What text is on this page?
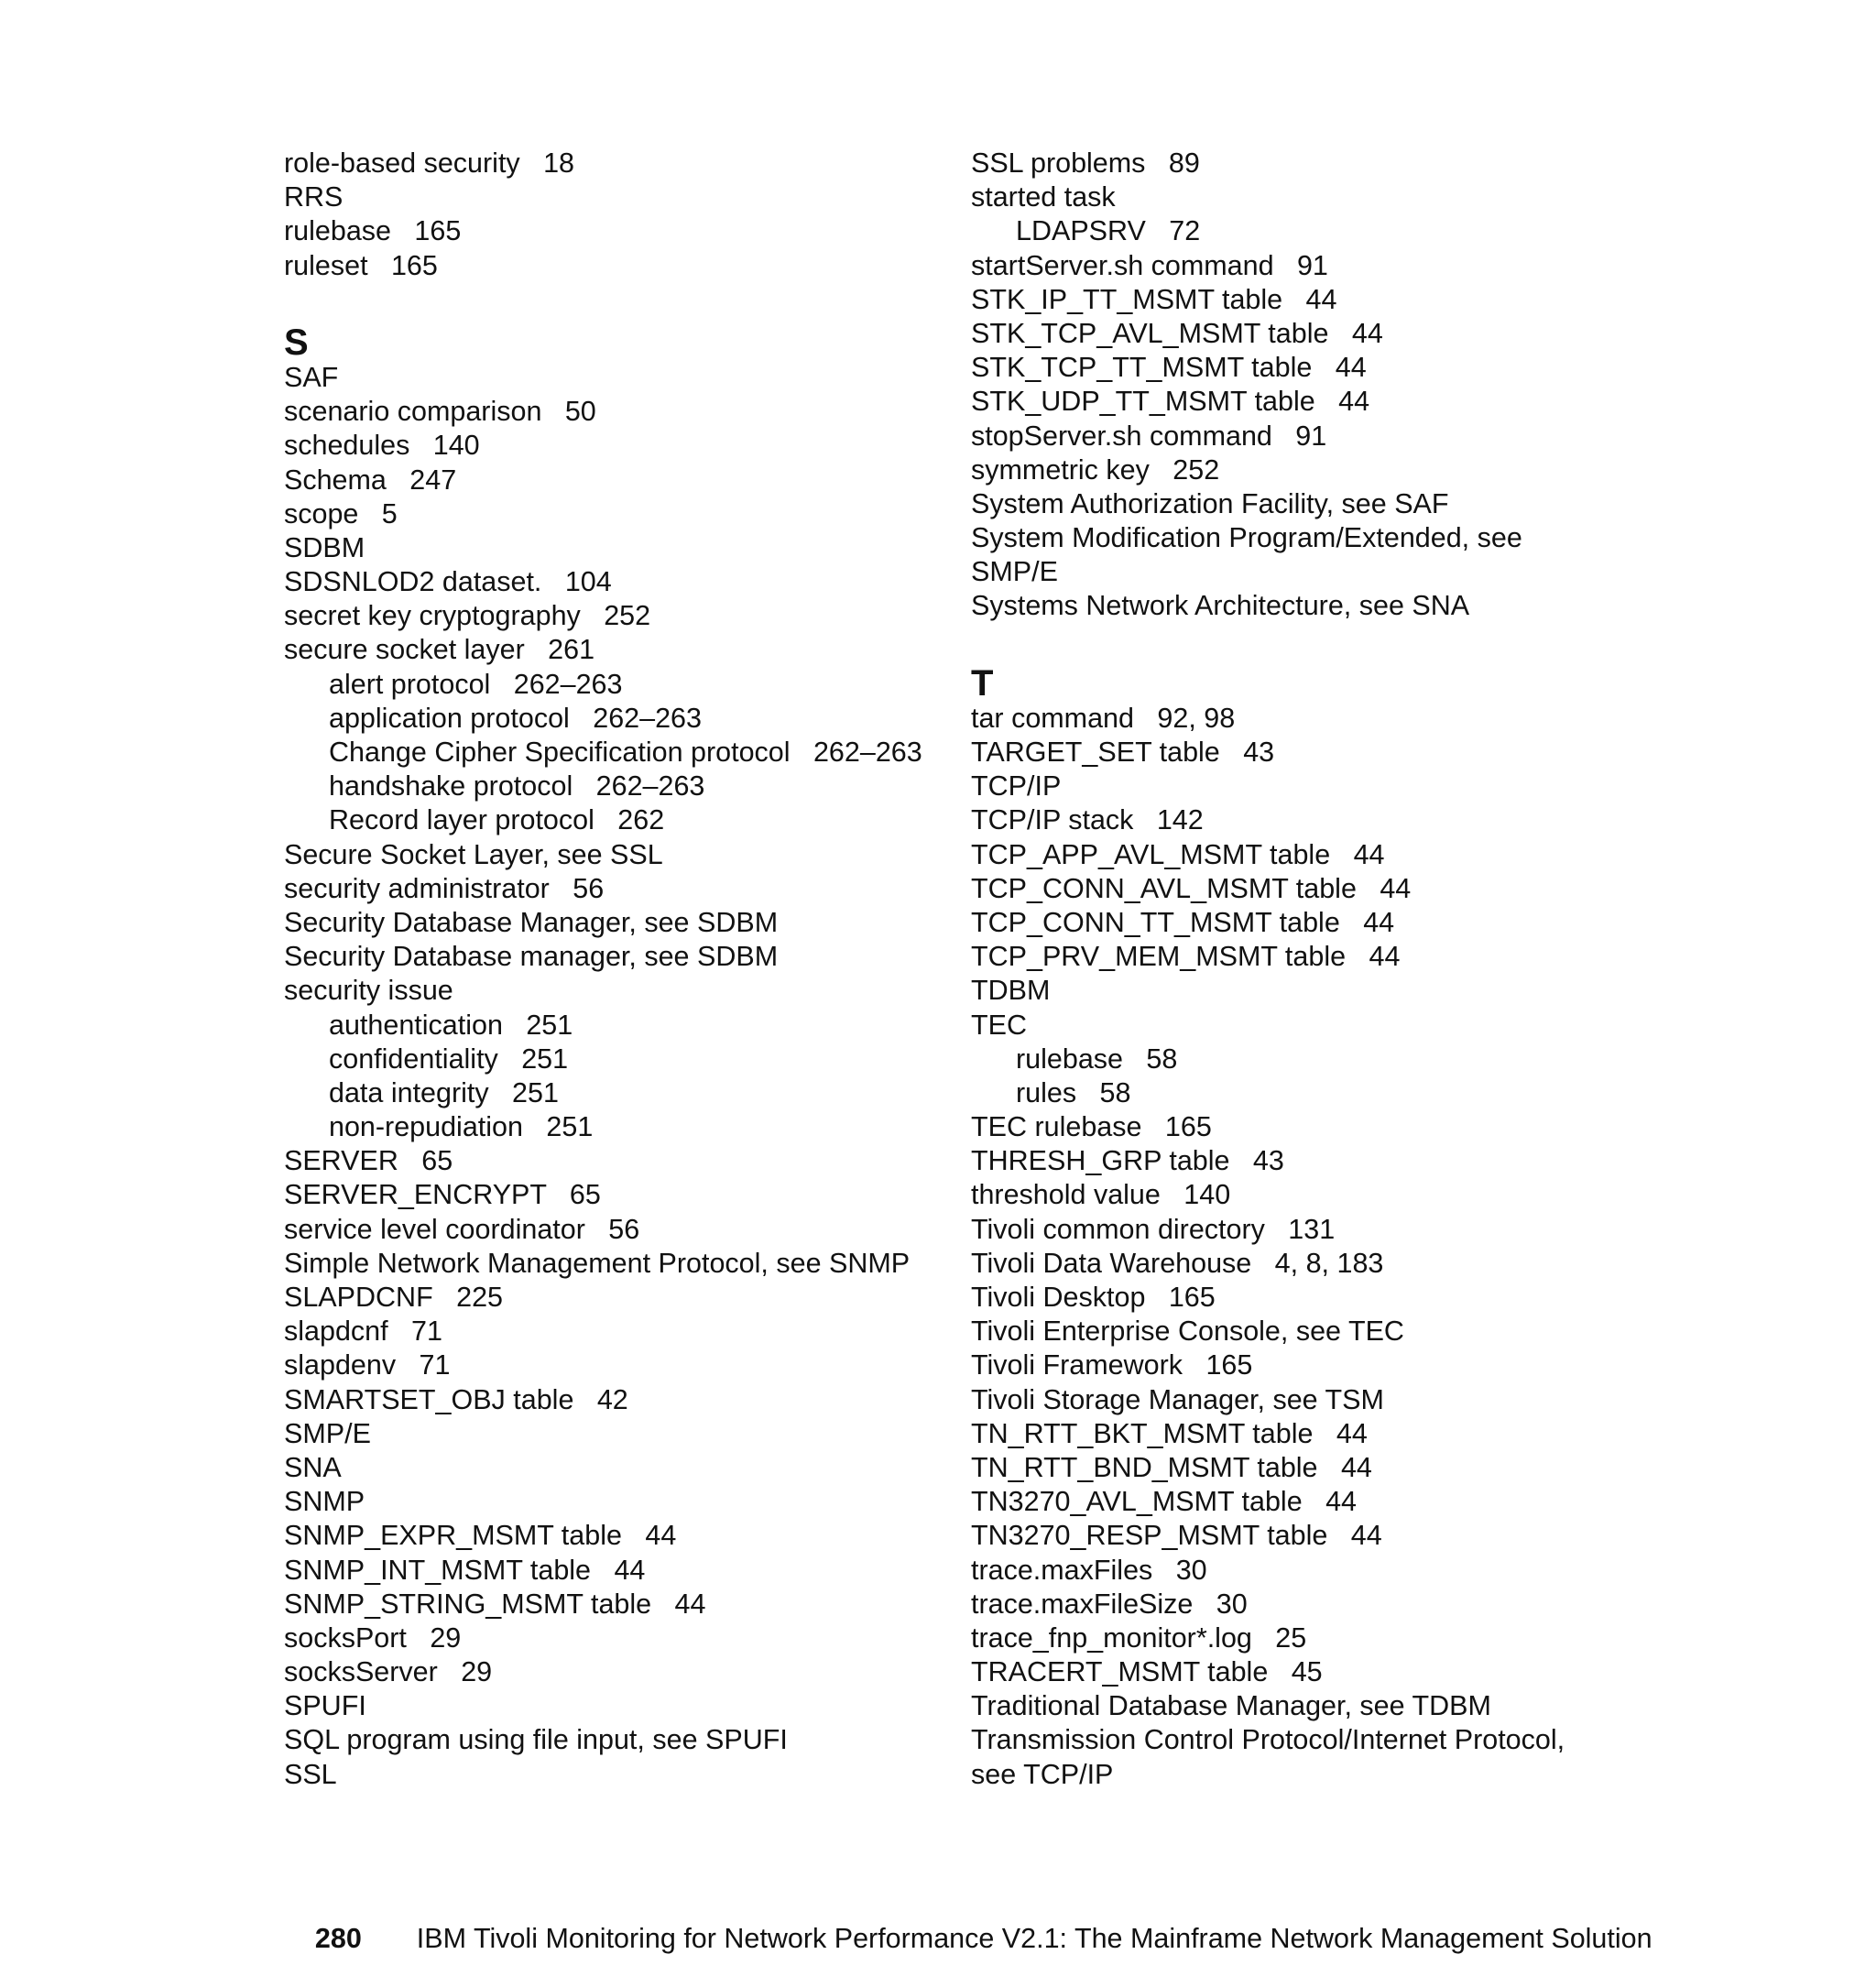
role-based security   18
RRS
rulebase   165
ruleset   165
S
SAF
scenario comparison   50
schedules   140
Schema   247
scope   5
SDBM
SDSNLOD2 dataset.   104
secret key cryptography   252
secure socket layer   261
alert protocol   262–263
application protocol   262–263
Change Cipher Specification protocol   262–263
handshake protocol   262–263
Record layer protocol   262
Secure Socket Layer, see SSL
security administrator   56
Security Database Manager, see SDBM
Security Database manager, see SDBM
security issue
authentication   251
confidentiality   251
data integrity   251
non-repudiation   251
SERVER   65
SERVER_ENCRYPT   65
service level coordinator   56
Simple Network Management Protocol, see SNMP
SLAPDCNF   225
slapdcnf   71
slapdenv   71
SMARTSET_OBJ table   42
SMP/E
SNA
SNMP
SNMP_EXPR_MSMT table   44
SNMP_INT_MSMT table   44
SNMP_STRING_MSMT table   44
socksPort   29
socksServer   29
SPUFI
SQL program using file input, see SPUFI
SSL
SSL problems   89
started task
LDAPSRV   72
startServer.sh command   91
STK_IP_TT_MSMT table   44
STK_TCP_AVL_MSMT table   44
STK_TCP_TT_MSMT table   44
STK_UDP_TT_MSMT table   44
stopServer.sh command   91
symmetric key   252
System Authorization Facility, see SAF
System Modification Program/Extended, see
SMP/E
Systems Network Architecture, see SNA
T
tar command   92, 98
TARGET_SET table   43
TCP/IP
TCP/IP stack   142
TCP_APP_AVL_MSMT table   44
TCP_CONN_AVL_MSMT table   44
TCP_CONN_TT_MSMT table   44
TCP_PRV_MEM_MSMT table   44
TDBM
TEC
rulebase   58
rules   58
TEC rulebase   165
THRESH_GRP table   43
threshold value   140
Tivoli common directory   131
Tivoli Data Warehouse   4, 8, 183
Tivoli Desktop   165
Tivoli Enterprise Console, see TEC
Tivoli Framework   165
Tivoli Storage Manager, see TSM
TN_RTT_BKT_MSMT table   44
TN_RTT_BND_MSMT table   44
TN3270_AVL_MSMT table   44
TN3270_RESP_MSMT table   44
trace.maxFiles   30
trace.maxFileSize   30
trace_fnp_monitor*.log   25
TRACERT_MSMT table   45
Traditional Database Manager, see TDBM
Transmission Control Protocol/Internet Protocol,
see TCP/IP

280 IBM Tivoli Monitoring for Network Performance V2.1: The Mainframe Network Management Solution
